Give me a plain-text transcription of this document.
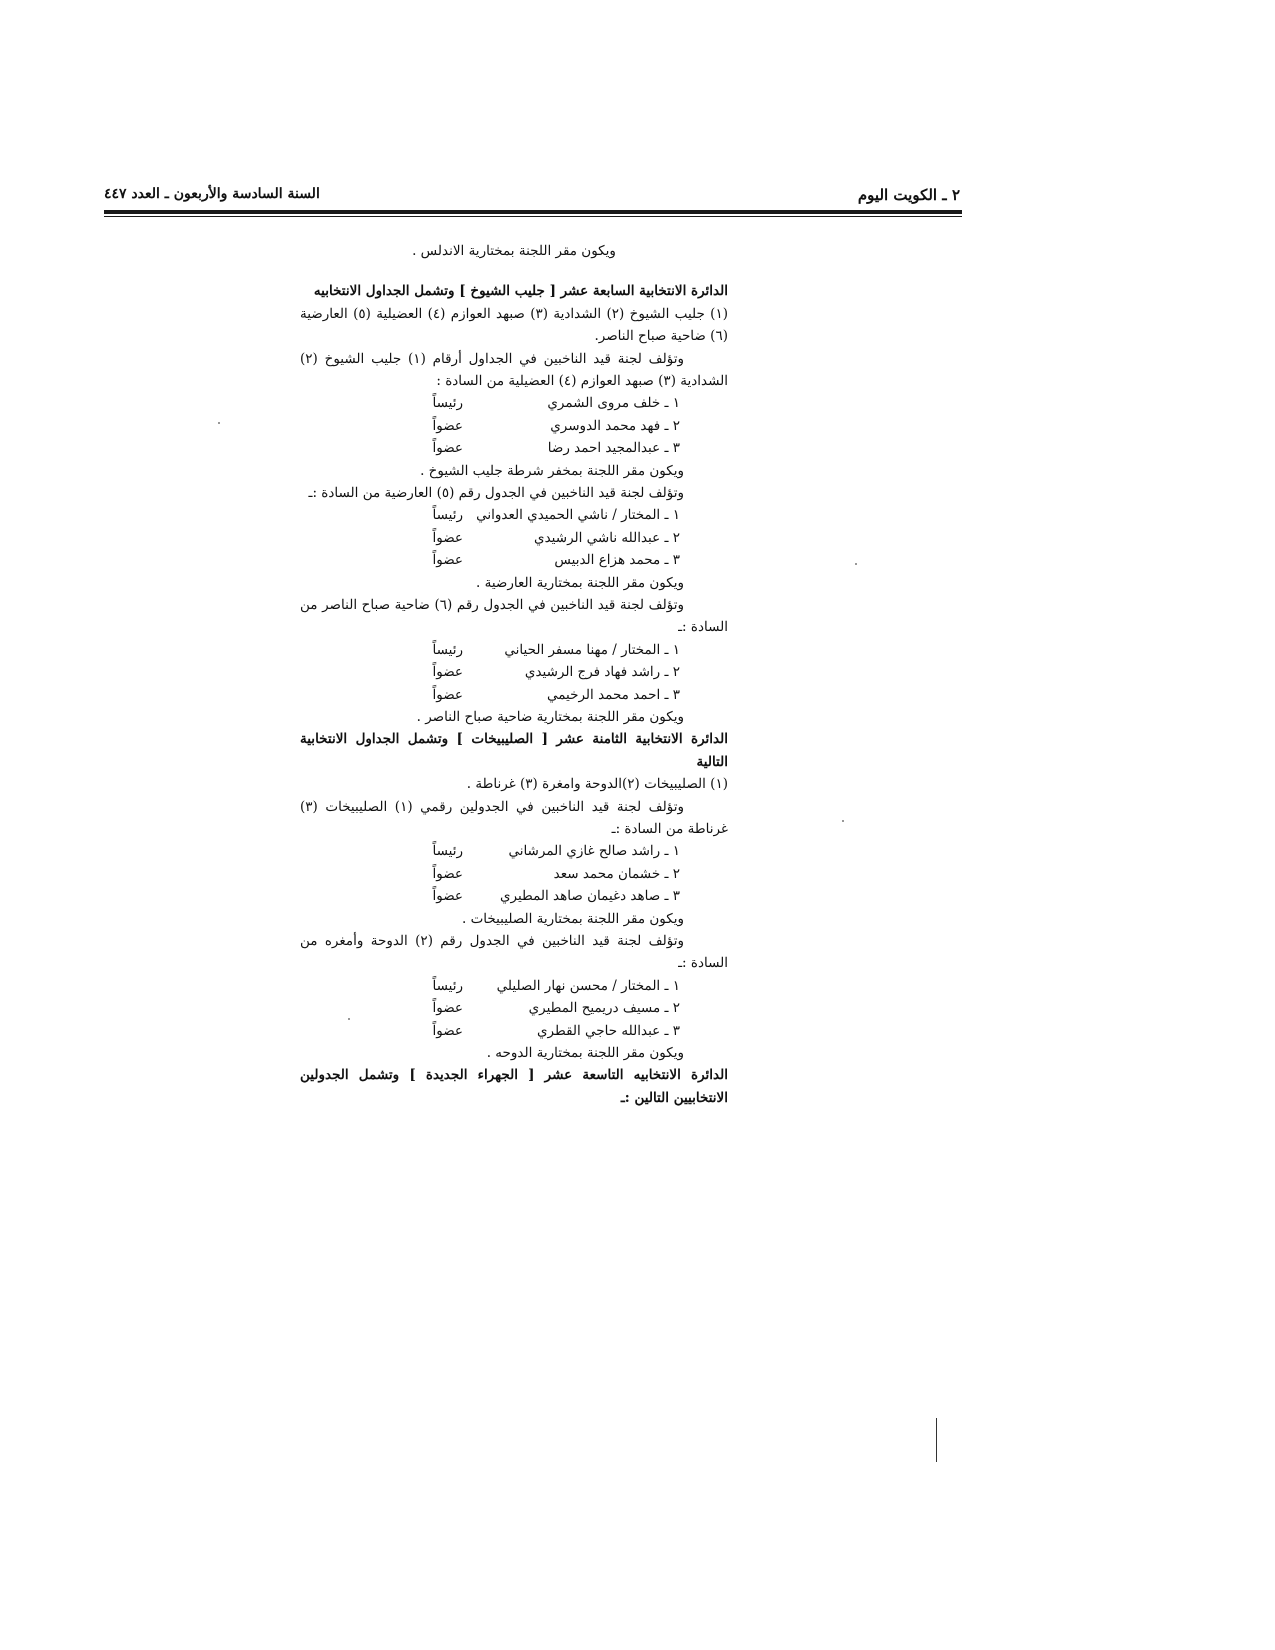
السنة السادسة والأربعون ـ العدد ٤٤٧	٢ ـ الكويت اليوم

ويكون مقر اللجنة بمختارية الاندلس .

الدائرة الانتخابية السابعة عشر [ جليب الشيوخ ] وتشمل الجداول الانتخابيه

(١) جليب الشيوخ (٢) الشدادية (٣) صبهد العوازم (٤) العضيلية (٥) العارضية (٦) ضاحية صباح الناصر.

وتؤلف لجنة قيد الناخبين في الجداول أرقام (١) جليب الشيوخ (٢) الشدادية (٣) صبهد العوازم (٤) العضيلية من السادة :

١ ـ خلف مروى الشمري
رئيساً
٢ ـ فهد محمد الدوسري
عضواً
٣ ـ عبدالمجيد احمد رضا
عضواً

ويكون مقر اللجنة بمخفر شرطة جليب الشيوخ .

وتؤلف لجنة قيد الناخبين في الجدول رقم (٥) العارضية من السادة :ـ

١ ـ المختار / ناشي الحميدي العدواني
رئيساً
٢ ـ عبدالله ناشي الرشيدي
عضواً
٣ ـ محمد هزاع الدبيس
عضواً

ويكون مقر اللجنة بمختارية العارضية .

وتؤلف لجنة قيد الناخبين في الجدول رقم (٦) ضاحية صباح الناصر من السادة :ـ

١ ـ المختار / مهنا مسفر الحياني
رئيساً
٢ ـ راشد فهاد فرج الرشيدي
عضواً
٣ ـ احمد محمد الرخيمي
عضواً

ويكون مقر اللجنة بمختارية ضاحية صباح الناصر .

الدائرة الانتخابية الثامنة عشر [ الصليبيخات ] وتشمل الجداول الانتخابية التالية

(١) الصليبيخات (٢)الدوحة وامغرة (٣) غرناطة .

وتؤلف لجنة قيد الناخبين في الجدولين رقمي (١) الصليبيخات (٣) غرناطة من السادة :ـ

١ ـ راشد صالح غازي المرشاني
رئيساً
٢ ـ خشمان محمد سعد
عضواً
٣ ـ صاهد دغيمان صاهد المطيري
عضواً

ويكون مقر اللجنة بمختارية الصليبيخات .

وتؤلف لجنة قيد الناخبين في الجدول رقم (٢) الدوحة وأمغره من السادة :ـ

١ ـ المختار / محسن نهار الصليلي
رئيساً
٢ ـ مسيف دريميح المطيري
عضواً
٣ ـ عبدالله حاجي القطري
عضواً

ويكون مقر اللجنة بمختارية الدوحه .

الدائرة الانتخابيه التاسعة عشر [ الجهراء الجديدة ] وتشمل الجدولين الانتخابيين التالين :ـ
